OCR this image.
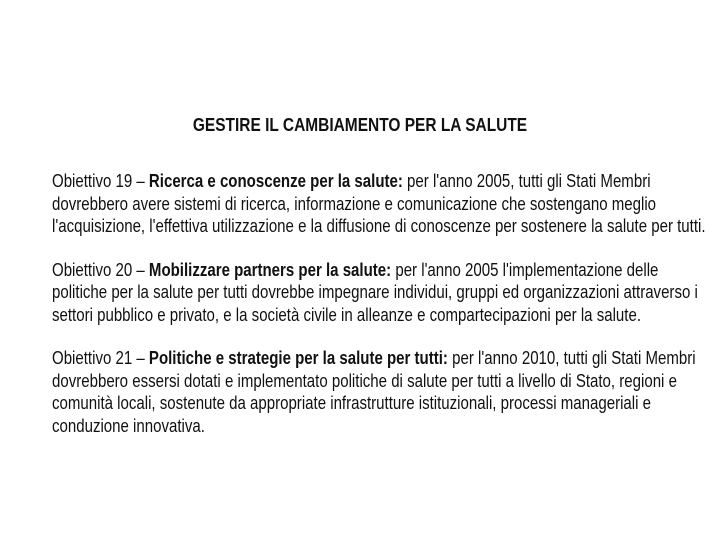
GESTIRE IL CAMBIAMENTO PER LA SALUTE
Obiettivo 19 – Ricerca e conoscenze per la salute: per l'anno 2005, tutti gli Stati Membri
dovrebbero avere sistemi di ricerca, informazione e comunicazione che sostengano meglio
l'acquisizione, l'effettiva utilizzazione e la diffusione di conoscenze per sostenere la salute per tutti.
Obiettivo 20 – Mobilizzare partners per la salute: per l'anno 2005 l'implementazione delle
politiche per la salute per tutti dovrebbe impegnare individui, gruppi ed organizzazioni attraverso i
settori pubblico e privato, e la società civile in alleanze e compartecipazioni per la salute.
Obiettivo 21 – Politiche e strategie per la salute per tutti: per l'anno 2010, tutti gli Stati Membri
dovrebbero essersi dotati e implementato politiche di salute per tutti a livello di Stato, regioni e
comunità locali, sostenute da appropriate infrastrutture istituzionali, processi manageriali e
conduzione innovativa.
